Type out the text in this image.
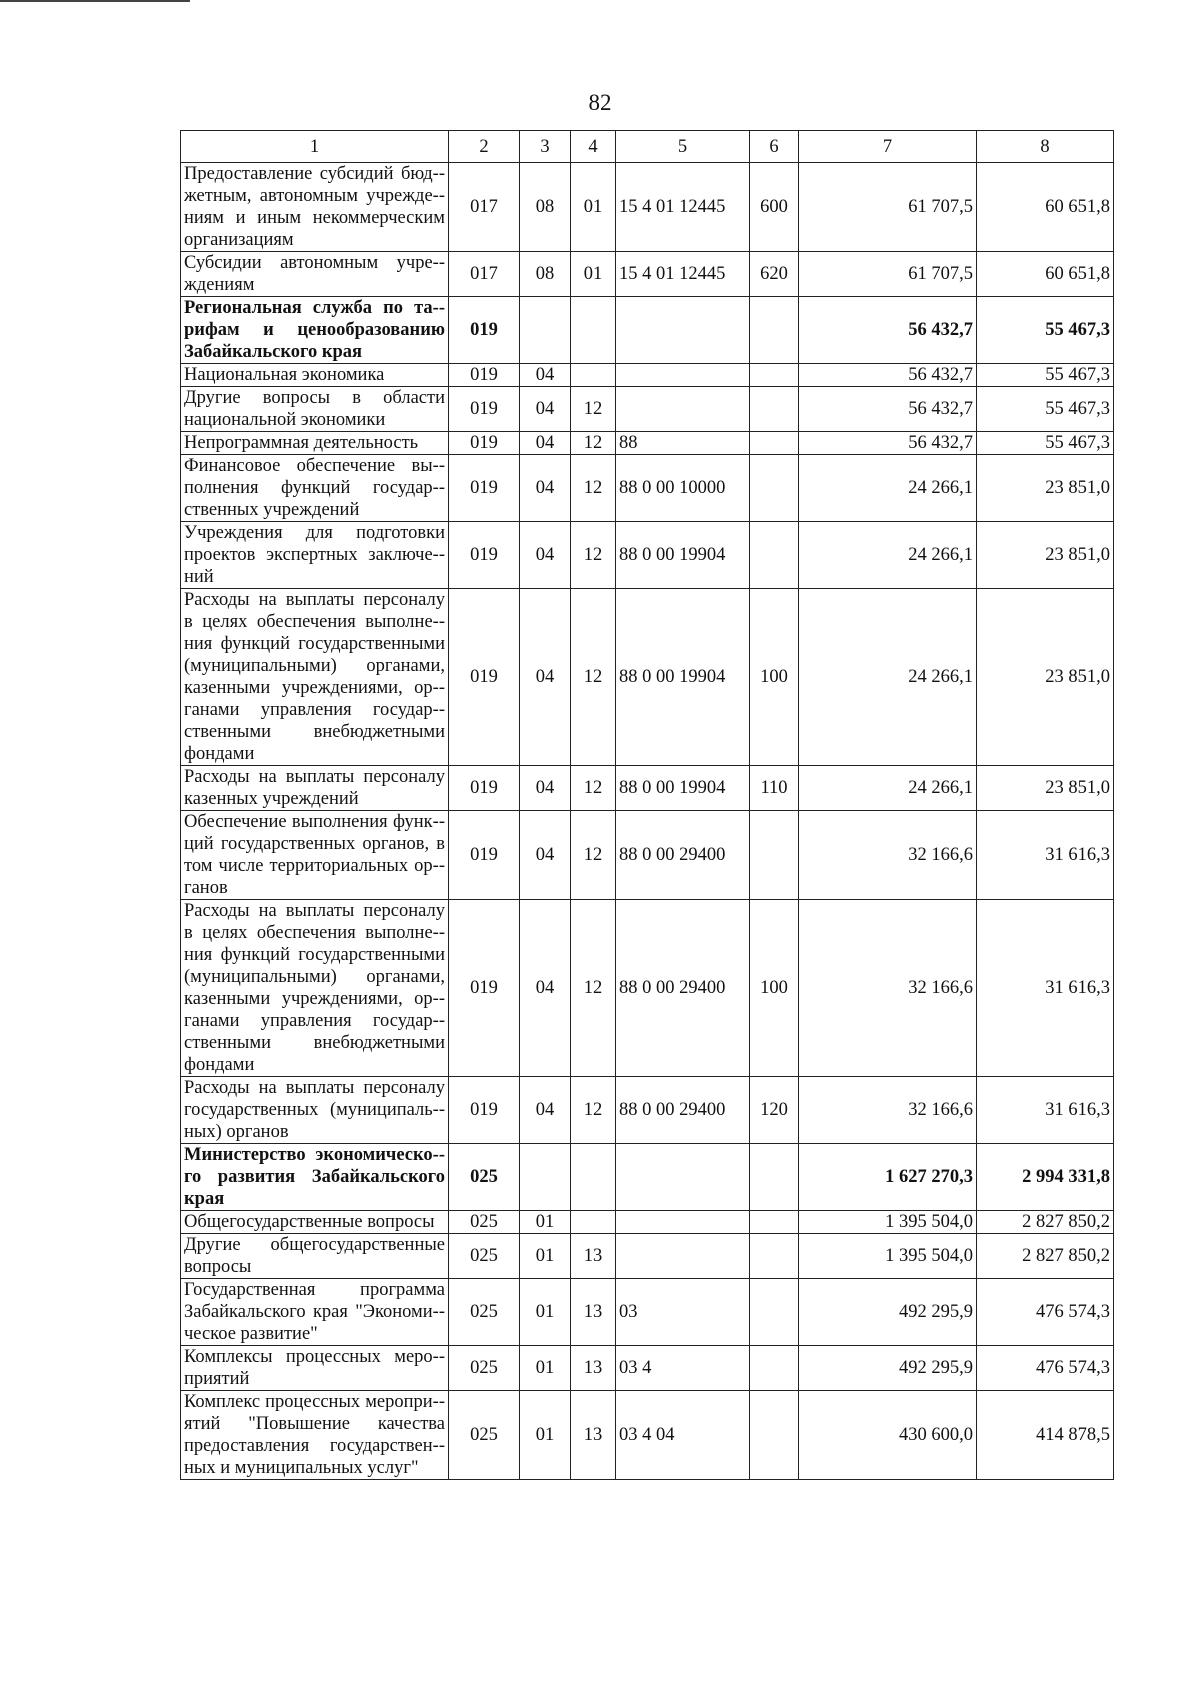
82
1	2	3	4	5	6	7	8
Предоставление субсидий бюд-жетным, автономным учрежде-ниям и иным некоммерческим организациям	017	08	01	15 4 01 12445	600	61 707,5	60 651,8
Субсидии автономным учре-ждениям	017	08	01	15 4 01 12445	620	61 707,5	60 651,8
Региональная служба по та-рифам и ценообразованию Забайкальского края	019					56 432,7	55 467,3
Национальная экономика	019	04				56 432,7	55 467,3
Другие вопросы в области национальной экономики	019	04	12			56 432,7	55 467,3
Непрограммная деятельность	019	04	12	88		56 432,7	55 467,3
Финансовое обеспечение вы-полнения функций государ-ственных учреждений	019	04	12	88 0 00 10000		24 266,1	23 851,0
Учреждения для подготовки проектов экспертных заключе-ний	019	04	12	88 0 00 19904		24 266,1	23 851,0
Расходы на выплаты персоналу в целях обеспечения выполне-ния функций государственными (муниципальными) органами, казенными учреждениями, ор-ганами управления государ-ственными внебюджетными фондами	019	04	12	88 0 00 19904	100	24 266,1	23 851,0
Расходы на выплаты персоналу казенных учреждений	019	04	12	88 0 00 19904	110	24 266,1	23 851,0
Обеспечение выполнения функ-ций государственных органов, в том числе территориальных ор-ганов	019	04	12	88 0 00 29400		32 166,6	31 616,3
Расходы на выплаты персоналу в целях обеспечения выполне-ния функций государственными (муниципальными) органами, казенными учреждениями, ор-ганами управления государ-ственными внебюджетными фондами	019	04	12	88 0 00 29400	100	32 166,6	31 616,3
Расходы на выплаты персоналу государственных (муниципаль-ных) органов	019	04	12	88 0 00 29400	120	32 166,6	31 616,3
Министерство экономическо-го развития Забайкальского края	025					1 627 270,3	2 994 331,8
Общегосударственные вопросы	025	01				1 395 504,0	2 827 850,2
Другие общегосударственные вопросы	025	01	13			1 395 504,0	2 827 850,2
Государственная программа Забайкальского края "Экономи-ческое развитие"	025	01	13	03		492 295,9	476 574,3
Комплексы процессных меро-приятий	025	01	13	03 4		492 295,9	476 574,3
Комплекс процессных меропри-ятий "Повышение качества предоставления государствен-ных и муниципальных услуг"	025	01	13	03 4 04		430 600,0	414 878,5
